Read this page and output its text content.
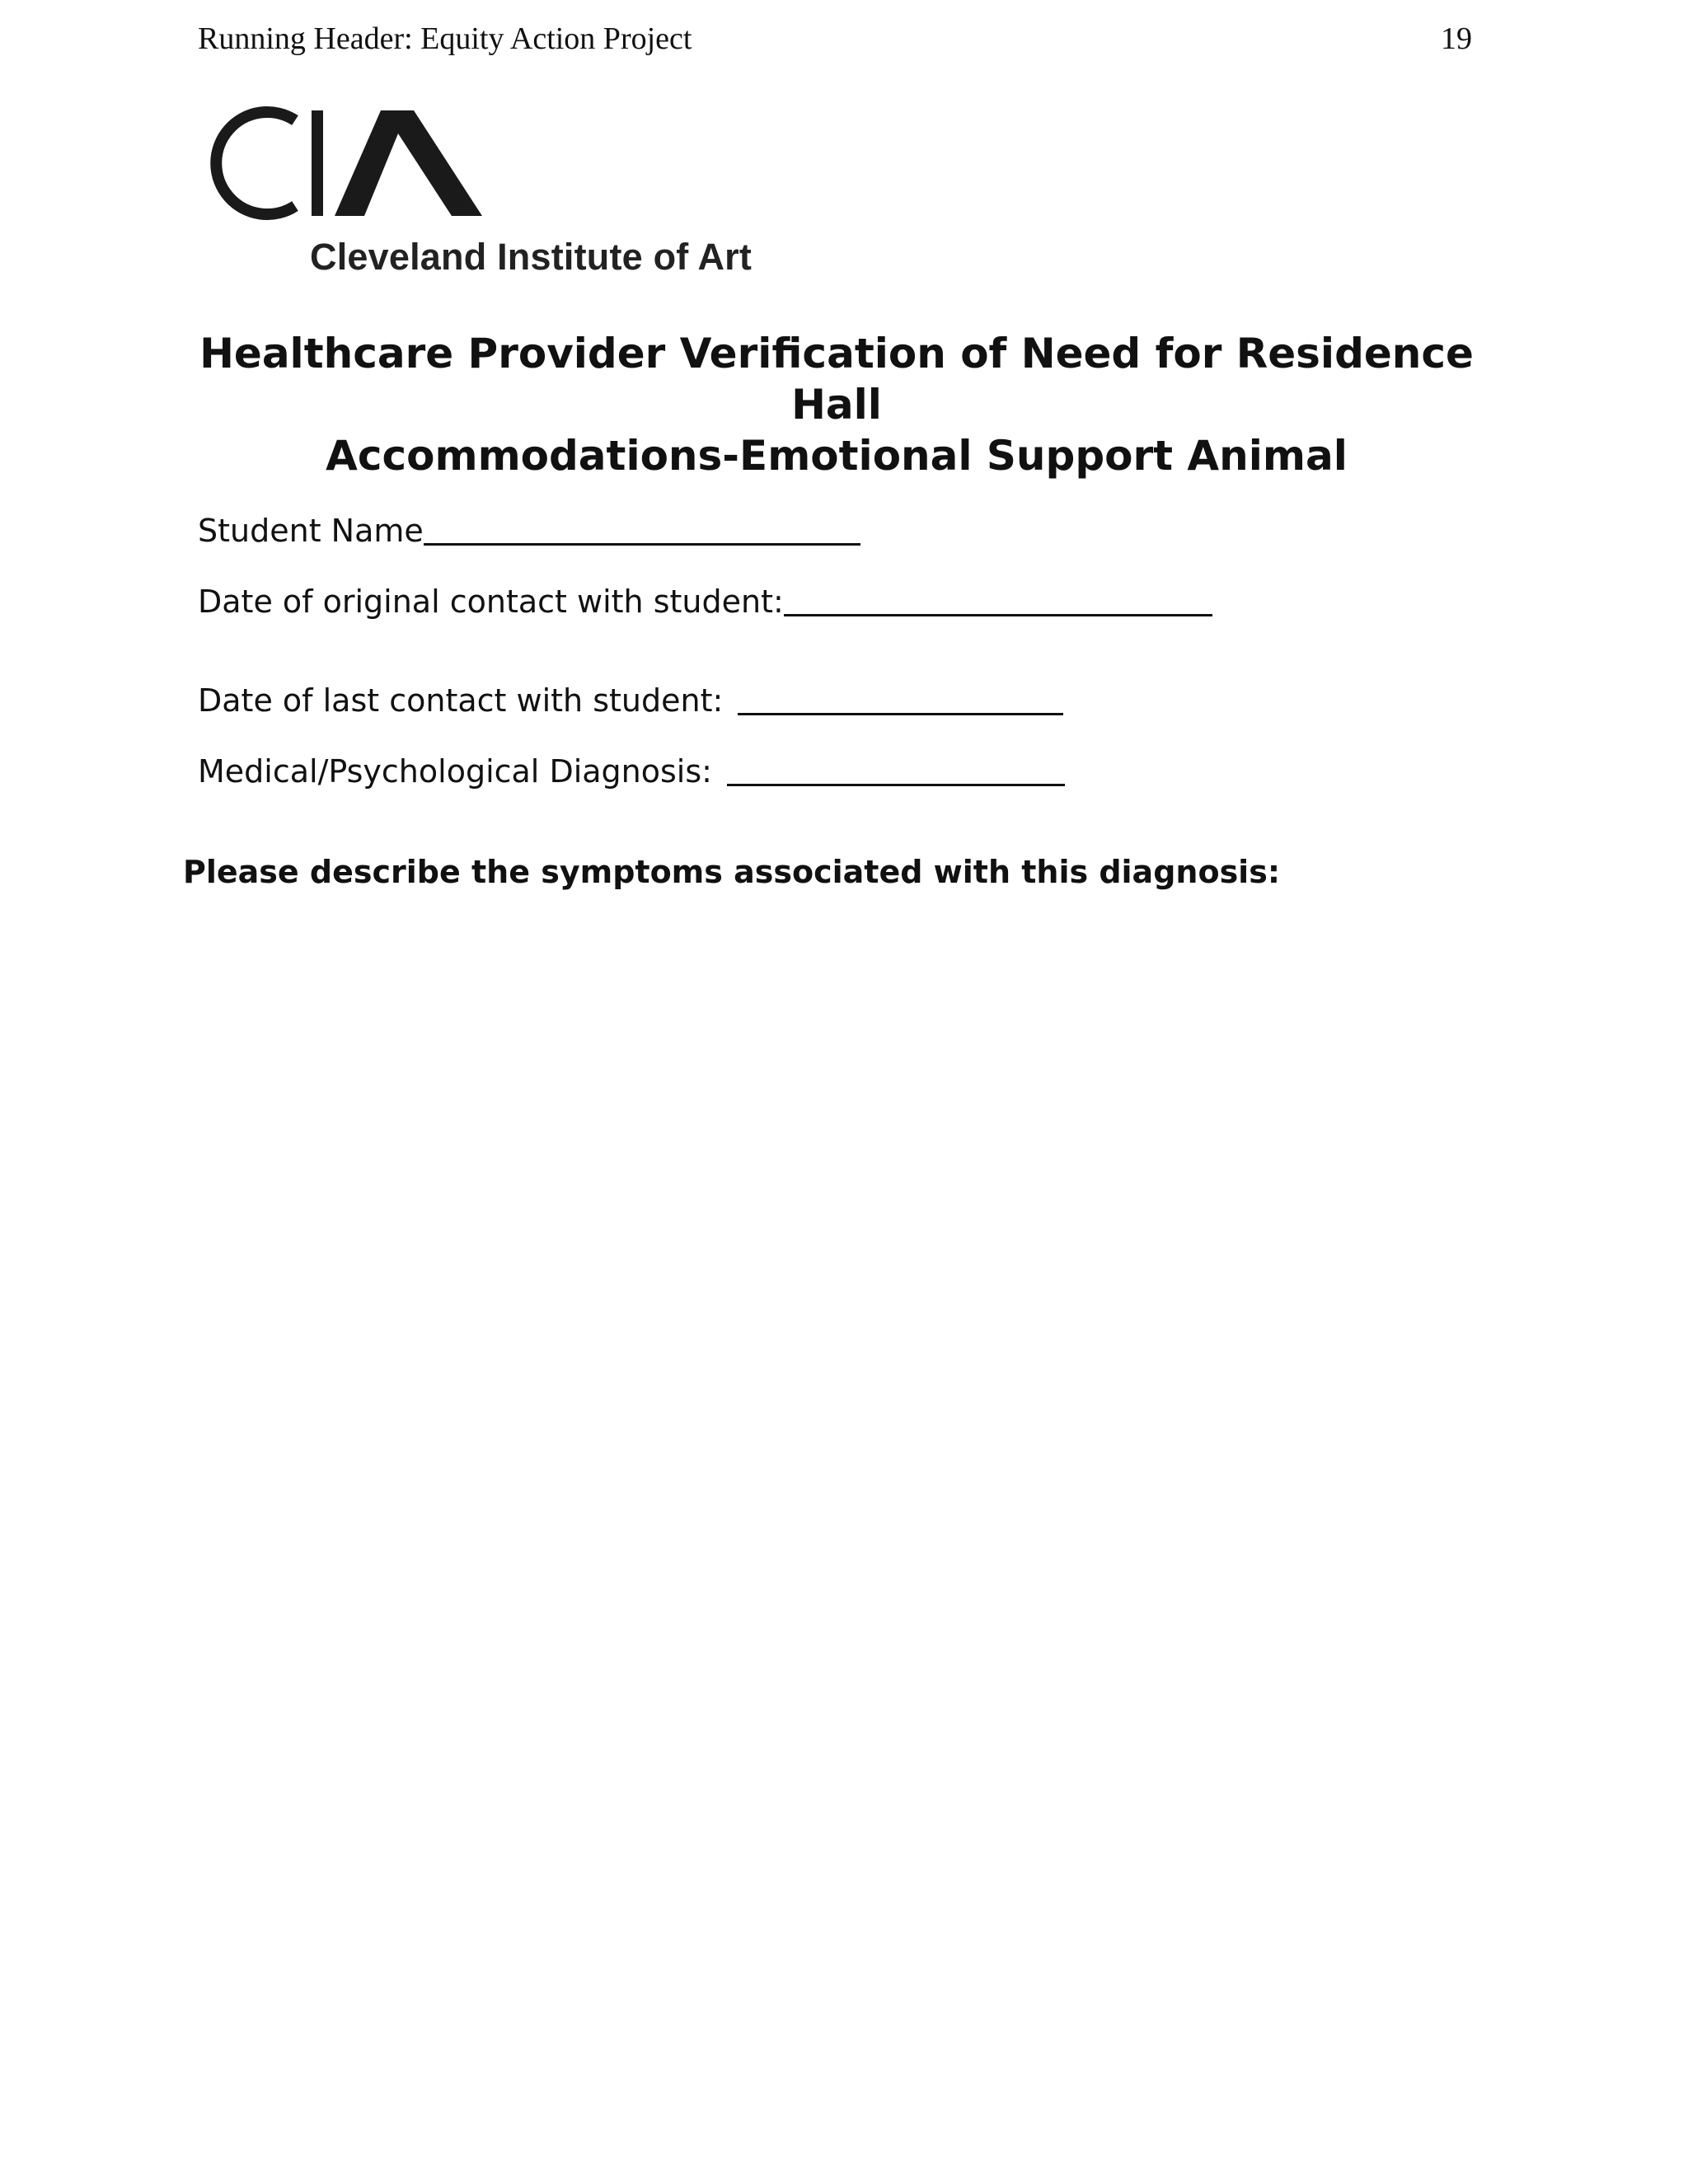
Running Header: Equity Action Project	19
Cleveland Institute of Art
Healthcare Provider Verification of Need for Residence Hall
Accommodations-Emotional Support Animal
Student Name
Date of original contact with student:
Date of last contact with student:
Medical/Psychological Diagnosis:
Please describe the symptoms associated with this diagnosis:
